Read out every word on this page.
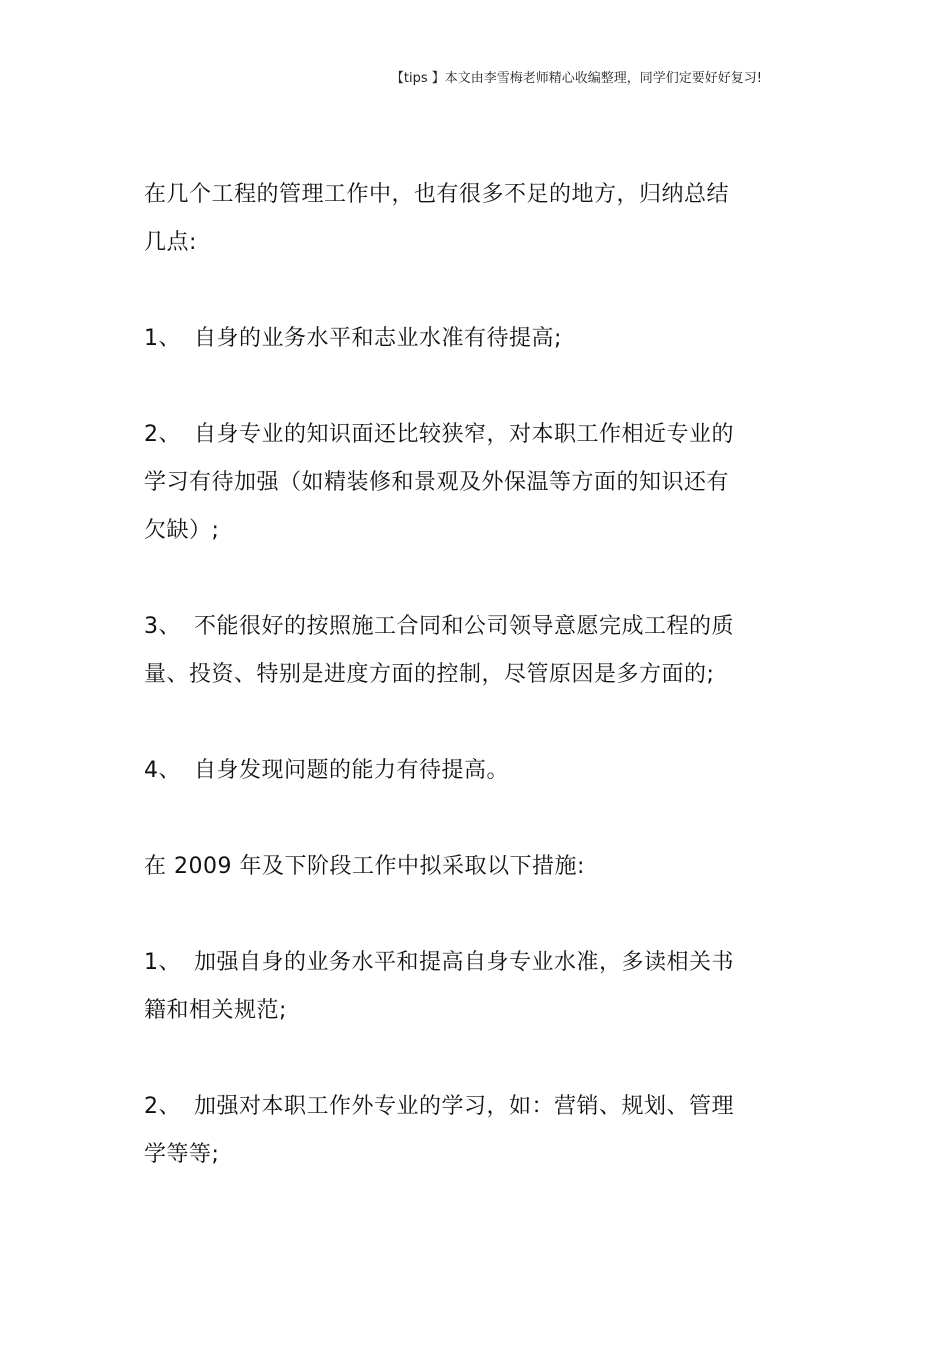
【tips 】本文由李雪梅老师精心收编整理，同学们定要好好复习!

在几个工程的管理工作中，也有很多不足的地方，归纳总结
几点:

1、 自身的业务水平和志业水准有待提高;

2、 自身专业的知识面还比较狭窄，对本职工作相近专业的
学习有待加强（如精装修和景观及外保温等方面的知识还有
欠缺）;

3、 不能很好的按照施工合同和公司领导意愿完成工程的质
量、投资、特别是进度方面的控制，尽管原因是多方面的;

4、 自身发现问题的能力有待提高。

在 2009 年及下阶段工作中拟采取以下措施:

1、 加强自身的业务水平和提高自身专业水准，多读相关书
籍和相关规范;

2、 加强对本职工作外专业的学习，如：营销、规划、管理
学等等;
